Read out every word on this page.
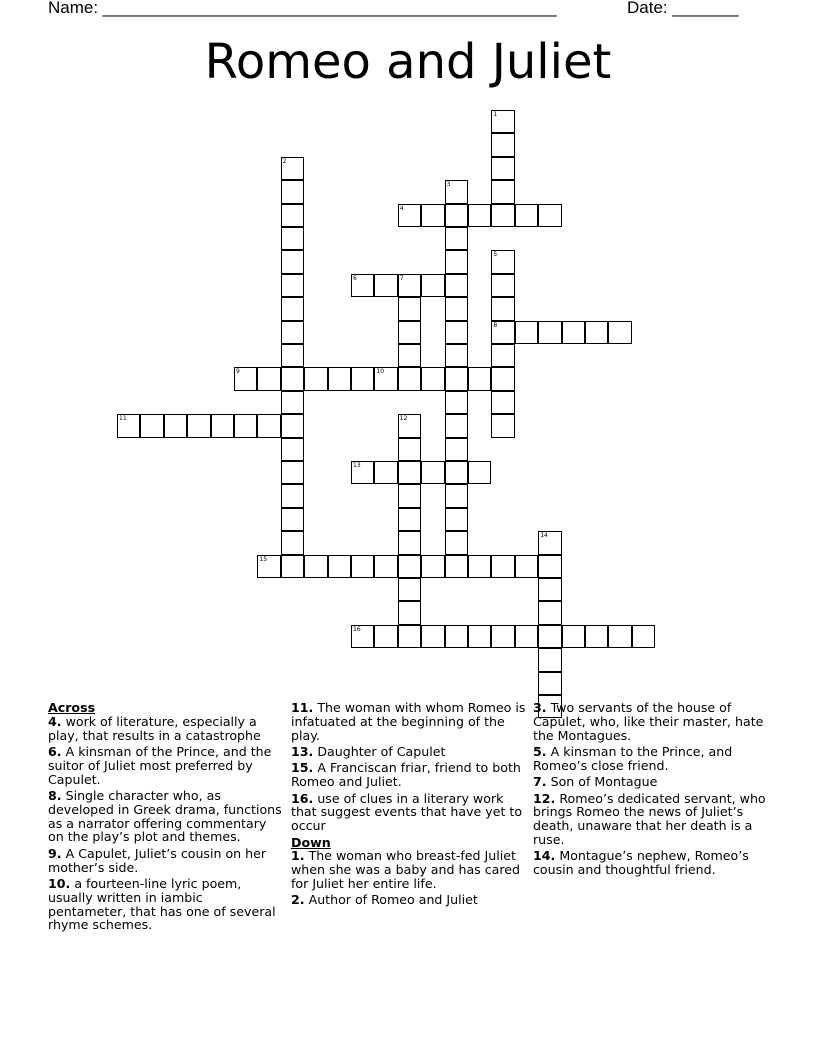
Name: ________________________________________________	Date: _______
Romeo and Juliet
1
2
3
4
5
8
6	7
9	10
11	12
13
14
15
16
Across
4. work of literature, especially a play, that results in a catastrophe
6. A kinsman of the Prince, and the suitor of Juliet most preferred by Capulet.
8. Single character who, as developed in Greek drama, functions as a narrator offering commentary on the play’s plot and themes.
9. A Capulet, Juliet’s cousin on her mother’s side.
10. a fourteen-line lyric poem, usually written in iambic pentameter, that has one of several rhyme schemes.
11. The woman with whom Romeo is infatuated at the beginning of the play.
13. Daughter of Capulet
15. A Franciscan friar, friend to both Romeo and Juliet.
16. use of clues in a literary work that suggest events that have yet to occur
Down
1. The woman who breast-fed Juliet when she was a baby and has cared for Juliet her entire life.
2. Author of Romeo and Juliet
3. Two servants of the house of Capulet, who, like their master, hate the Montagues.
5. A kinsman to the Prince, and Romeo’s close friend.
7. Son of Montague
12. Romeo’s dedicated servant, who brings Romeo the news of Juliet’s death, unaware that her death is a ruse.
14. Montague’s nephew, Romeo’s cousin and thoughtful friend.
